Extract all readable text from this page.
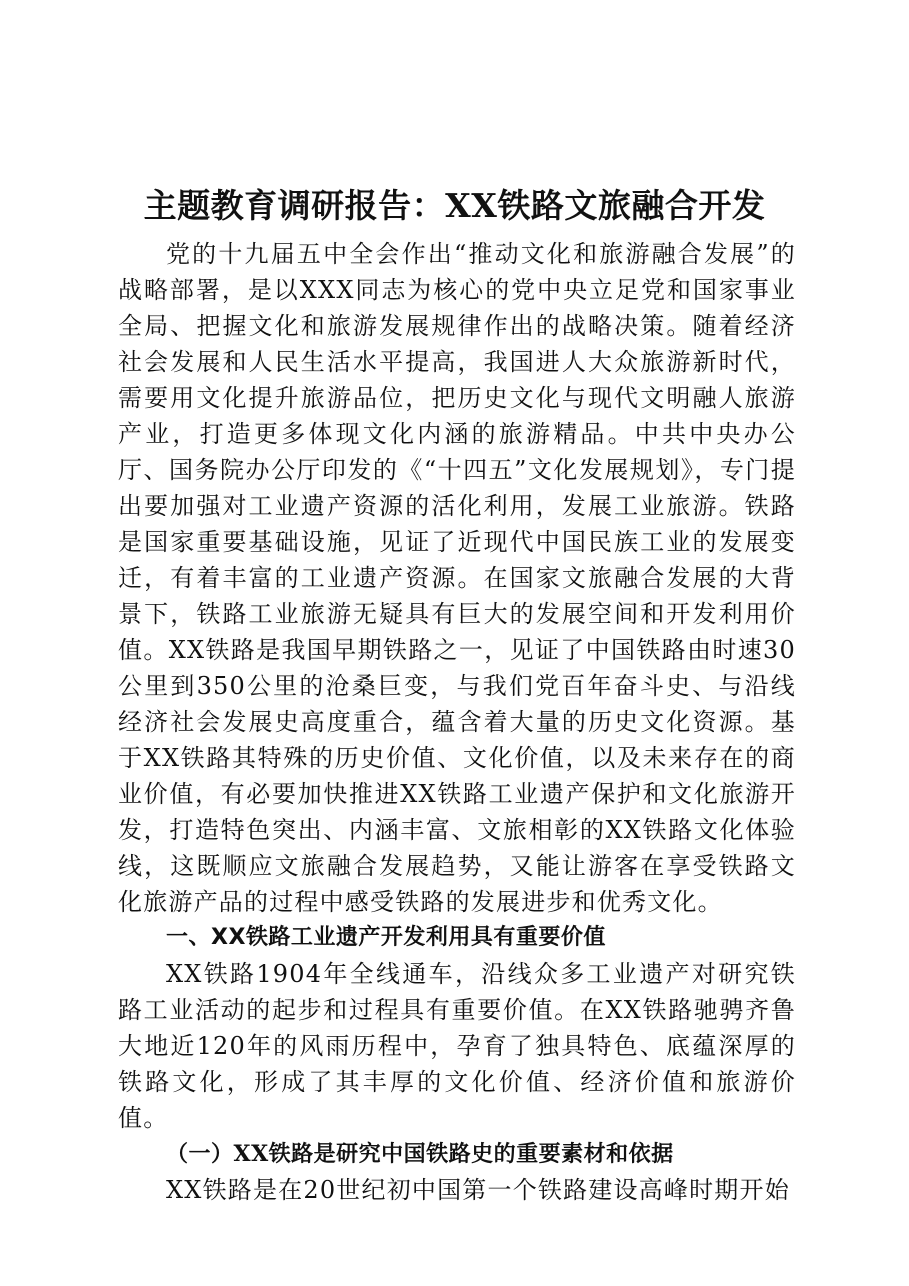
主题教育调研报告：XX铁路文旅融合开发

党的十九届五中全会作出“推动文化和旅游融合发展”的战略部署，是以XXX同志为核心的党中央立足党和国家事业全局、把握文化和旅游发展规律作出的战略决策。随着经济社会发展和人民生活水平提高，我国进人大众旅游新时代，需要用文化提升旅游品位，把历史文化与现代文明融人旅游产业，打造更多体现文化内涵的旅游精品。中共中央办公厅、国务院办公厅印发的《“十四五”文化发展规划》，专门提出要加强对工业遗产资源的活化利用，发展工业旅游。铁路是国家重要基础设施，见证了近现代中国民族工业的发展变迁，有着丰富的工业遗产资源。在国家文旅融合发展的大背景下，铁路工业旅游无疑具有巨大的发展空间和开发利用价值。XX铁路是我国早期铁路之一，见证了中国铁路由时速30公里到350公里的沧桑巨变，与我们党百年奋斗史、与沿线经济社会发展史高度重合，蕴含着大量的历史文化资源。基于XX铁路其特殊的历史价值、文化价值，以及未来存在的商业价值，有必要加快推进XX铁路工业遗产保护和文化旅游开发，打造特色突出、内涵丰富、文旅相彰的XX铁路文化体验线，这既顺应文旅融合发展趋势，又能让游客在享受铁路文化旅游产品的过程中感受铁路的发展进步和优秀文化。

一、XX铁路工业遗产开发利用具有重要价值

XX铁路1904年全线通车，沿线众多工业遗产对研究铁路工业活动的起步和过程具有重要价值。在XX铁路驰骋齐鲁大地近120年的风雨历程中，孕育了独具特色、底蕴深厚的铁路文化，形成了其丰厚的文化价值、经济价值和旅游价值。

（一）XX铁路是研究中国铁路史的重要素材和依据

XX铁路是在20世纪初中国第一个铁路建设高峰时期开始
